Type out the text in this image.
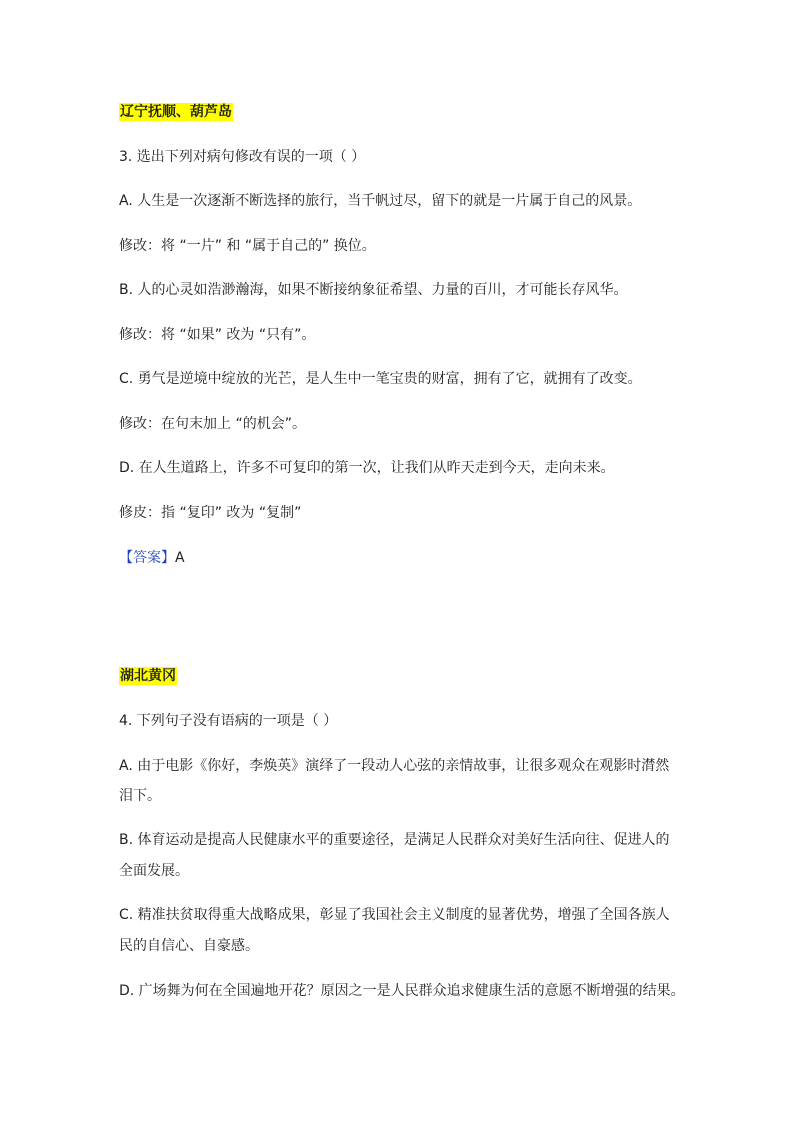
辽宁抚顺、葫芦岛
3. 选出下列对病句修改有误的一项（ ）
A. 人生是一次逐渐不断选择的旅行，当千帆过尽，留下的就是一片属于自己的风景。
修改：将 “一片” 和 “属于自己的” 换位。
B. 人的心灵如浩渺瀚海，如果不断接纳象征希望、力量的百川，才可能长存风华。
修改：将 “如果” 改为 “只有”。
C. 勇气是逆境中绽放的光芒，是人生中一笔宝贵的财富，拥有了它，就拥有了改变。
修改：在句末加上 “的机会”。
D. 在人生道路上，许多不可复印的第一次，让我们从昨天走到今天，走向未来。
修皮：指 “复印” 改为 “复制”
【答案】A
湖北黄冈
4. 下列句子没有语病的一项是（ ）
A. 由于电影《你好，李焕英》演绎了一段动人心弦的亲情故事，让很多观众在观影时潸然
泪下。
B. 体育运动是提高人民健康水平的重要途径，是满足人民群众对美好生活向往、促进人的
全面发展。
C. 精准扶贫取得重大战略成果，彰显了我国社会主义制度的显著优势，增强了全国各族人
民的自信心、自豪感。
D. 广场舞为何在全国遍地开花？原因之一是人民群众追求健康生活的意愿不断增强的结果。
